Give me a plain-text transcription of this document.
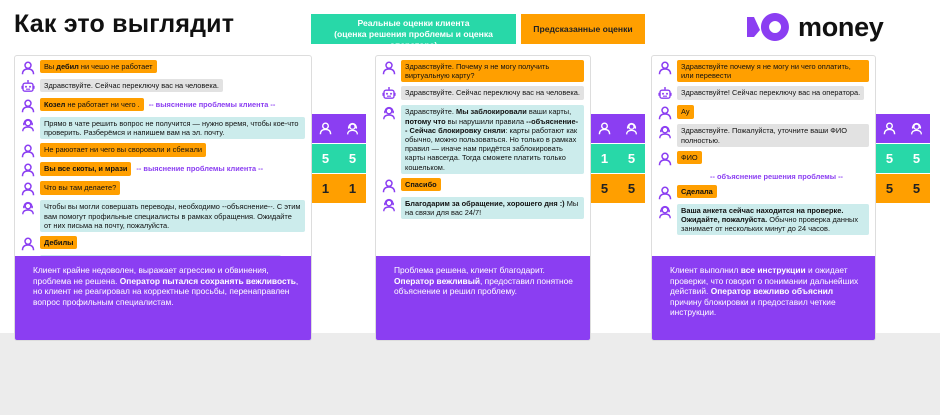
Как это выглядит	Реальные оценки клиента
(оценка решения проблемы и оценка оператора)
Предсказанные оценки	money
Вы дебил ни чешо не работает
Здравствуйте. Сейчас переключу вас на человека.
Козел не работает ни чего .	-- выяснение проблемы клиента --
Прямо в чате решить вопрос не получится — нужно время, чтобы кое-что проверить. Разберёмся и напишем вам на эл. почту.
Не раюотает ни чего вы своровали и сбежали
Вы все скоты, и мрази	-- выяснение проблемы клиента --
Что вы там делаете?
Чтобы вы могли совершать переводы, необходимо --объяснение--. С этим вам помогут профильные специалисты в рамках обращения. Ожидайте от них письма на почту, пожалуйста.
Дебилы
Клиент крайне недоволен, выражает агрессию и обвинения, проблема не решена. Оператор пытался сохранять вежливость, но клиент не реагировал на корректные просьбы, перенаправлен вопрос профильным специалистам.
5	5
1	1
Здравствуйте. Почему я не могу получить виртуальную карту?
Здравствуйте. Сейчас переключу вас на человека.
Здравствуйте. Мы заблокировали ваши карты, потому что вы нарушили правила --объяснение-- Сейчас блокировку сняли: карты работают как обычно, можно пользоваться. Но только в рамках правил — иначе нам придётся заблокировать карты навсегда. Тогда сможете платить только кошельком.
Спасибо
Благодарим за обращение, хорошего дня :) Мы на связи для вас 24/7!
Проблема решена, клиент благодарит. Оператор вежливый, предоставил понятное объяснение и решил проблему.
1	5
5	5
Здравствуйте почему я не могу ни чего оплатить, или перевести
Здравствуйте! Сейчас переключу вас на оператора.
Ау
Здравствуйте. Пожалуйста, уточните ваши ФИО полностью.
ФИО
-- объяснение решения проблемы --
Сделала
Ваша анкета сейчас находится на проверке. Ожидайте, пожалуйста. Обычно проверка данных занимает от нескольких минут до 24 часов.
Клиент выполнил все инструкции и ожидает проверки, что говорит о понимании дальнейших действий. Оператор вежливо объяснил причину блокировки и предоставил четкие инструкции.
5	5
5	5
